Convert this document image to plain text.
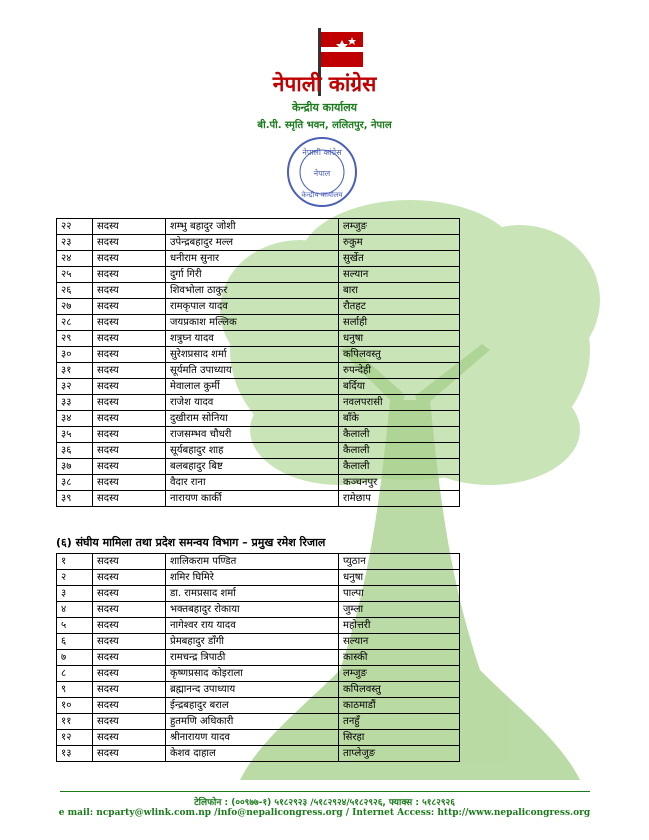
नेपाली कांग्रेस
केन्द्रीय कार्यालय
बी.पी. स्मृति भवन, ललितपुर, नेपाल
नेपाली कांग्रेस
नेपाल
केन्द्रीय कार्यालय
२२	सदस्य	शम्भु बहादुर जोशी	लम्जुङ
२३	सदस्य	उपेन्द्रबहादुर मल्ल	रुकुम
२४	सदस्य	धनीराम सुनार	सुर्खेत
२५	सदस्य	दुर्गा गिरी	सल्यान
२६	सदस्य	शिवभोला ठाकुर	बारा
२७	सदस्य	रामकृपाल यादव	रौतहट
२८	सदस्य	जयप्रकाश मल्लिक	सर्लाही
२९	सदस्य	शत्रुघ्न यादव	धनुषा
३०	सदस्य	सुरेशप्रसाद शर्मा	कपिलवस्तु
३१	सदस्य	सूर्यमति उपाध्याय	रुपन्देही
३२	सदस्य	मेवालाल कुर्मी	बर्दिया
३३	सदस्य	राजेश यादव	नवलपरासी
३४	सदस्य	दुखीराम सोनिया	बाँके
३५	सदस्य	राजसम्भव चौधरी	कैलाली
३६	सदस्य	सूर्यबहादुर शाह	कैलाली
३७	सदस्य	बलबहादुर बिष्ट	कैलाली
३८	सदस्य	वैदार राना	कञ्चनपुर
३९	सदस्य	नारायण कार्की	रामेछाप
(६) संघीय मामिला तथा प्रदेश समन्वय विभाग – प्रमुख रमेश रिजाल
१	सदस्य	शालिकराम पण्डित	प्युठान
२	सदस्य	शमिर घिमिरे	धनुषा
३	सदस्य	डा. रामप्रसाद शर्मा	पाल्पा
४	सदस्य	भक्तबहादुर रोकाया	जुम्ला
५	सदस्य	नागेश्वर राय यादव	महोत्तरी
६	सदस्य	प्रेमबहादुर डाँगी	सल्यान
७	सदस्य	रामचन्द्र त्रिपाठी	कास्की
८	सदस्य	कृष्णप्रसाद कोइराला	लम्जुङ
९	सदस्य	ब्रह्मानन्द उपाध्याय	कपिलवस्तु
१०	सदस्य	ईन्द्रबहादुर बराल	काठमाडौं
११	सदस्य	हुतमणि अधिकारी	तनहुँ
१२	सदस्य	श्रीनारायण यादव	सिरहा
१३	सदस्य	केशव दाहाल	ताप्लेजुङ
टेलिफोन : (००९७७-१) ५१८२९२३ /५१८२९२४/५१८२९२६, फ्याक्स : ५१८२९२६
e mail: ncparty@wlink.com.np /info@nepalicongress.org / Internet Access: http://www.nepalicongress.org
